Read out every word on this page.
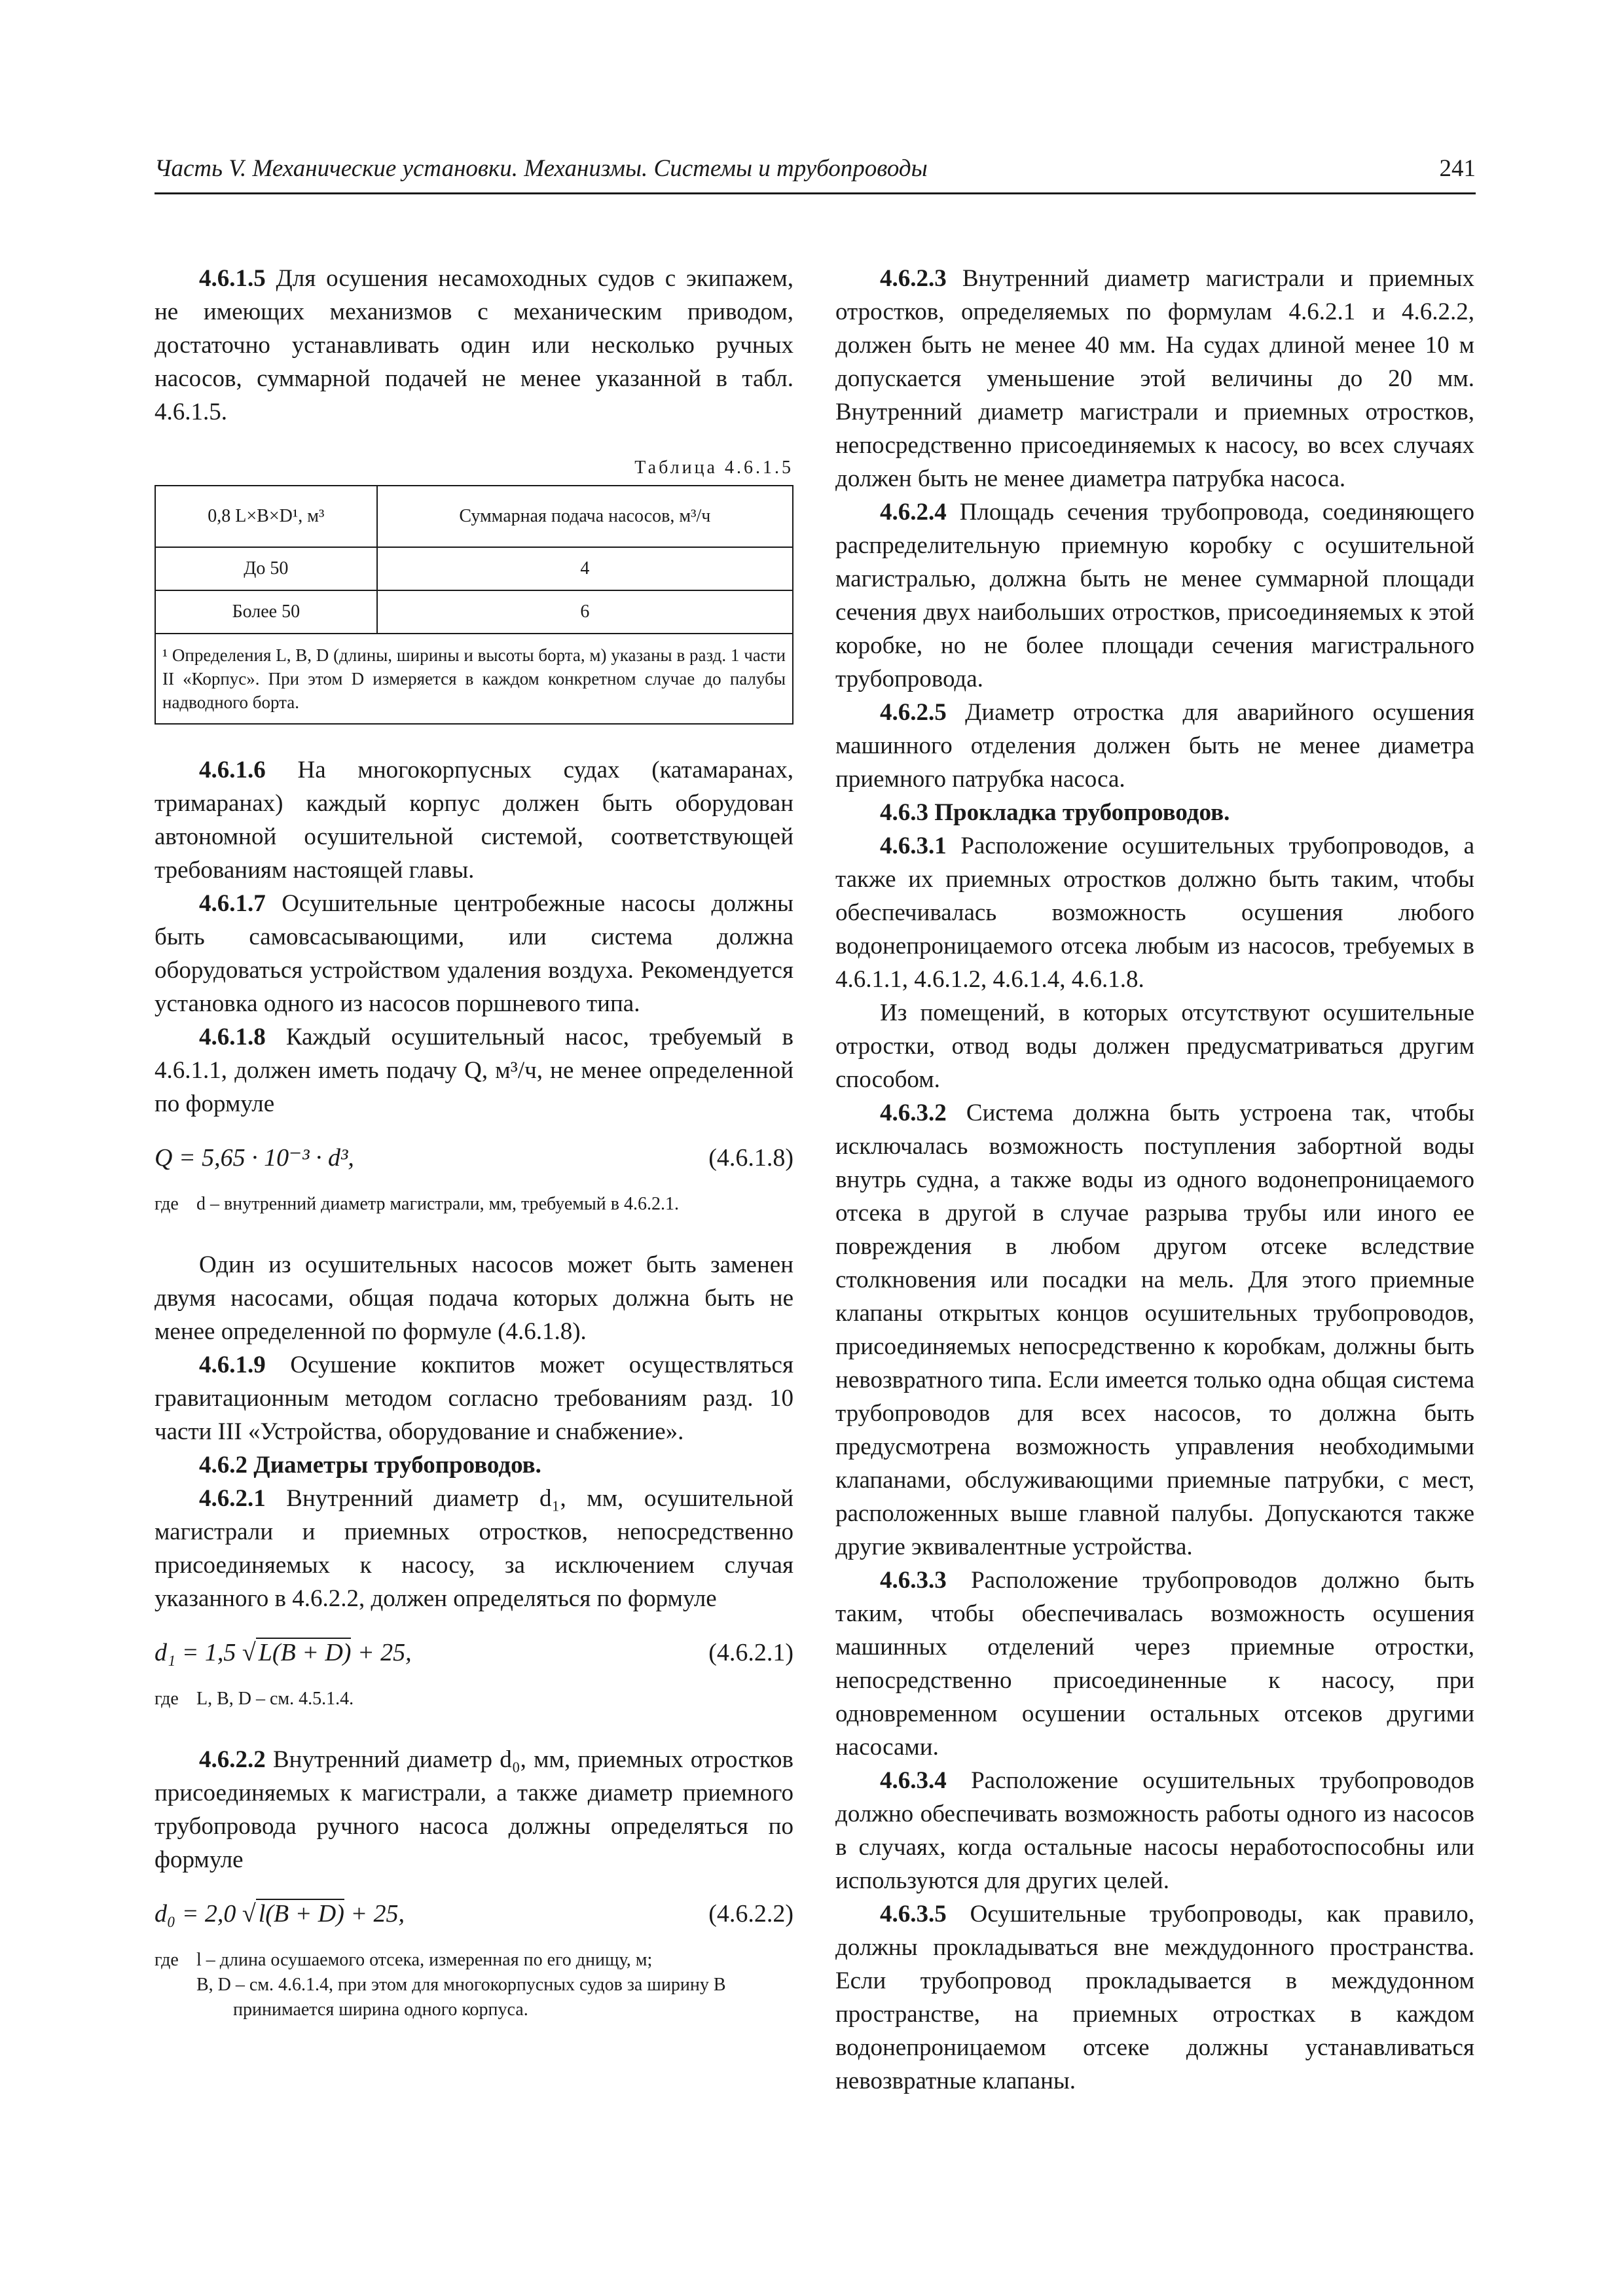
Часть V. Механические установки. Механизмы. Системы и трубопроводы	241

4.6.1.5 Для осушения несамоходных судов с экипажем, не имеющих механизмов с механическим приводом, достаточно устанавливать один или несколько ручных насосов, суммарной подачей не менее указанной в табл. 4.6.1.5.

Таблица 4.6.1.5
0,8 L×B×D¹, м³	Суммарная подача насосов, м³/ч
До 50	4
Более 50	6
¹ Определения L, B, D (длины, ширины и высоты борта, м) указаны в разд. 1 части II «Корпус». При этом D измеряется в каждом конкретном случае до палубы надводного борта.	

4.6.1.6 На многокорпусных судах (катамаранах, тримаранах) каждый корпус должен быть оборудован автономной осушительной системой, соответствующей требованиям настоящей главы.

4.6.1.7 Осушительные центробежные насосы должны быть самовсасывающими, или система должна оборудоваться устройством удаления воздуха. Рекомендуется установка одного из насосов поршневого типа.

4.6.1.8 Каждый осушительный насос, требуемый в 4.6.1.1, должен иметь подачу Q, м³/ч, не менее определенной по формуле

Q = 5,65 · 10⁻³ · d³,	(4.6.1.8)
где d – внутренний диаметр магистрали, мм, требуемый в 4.6.2.1.

Один из осушительных насосов может быть заменен двумя насосами, общая подача которых должна быть не менее определенной по формуле (4.6.1.8).

4.6.1.9 Осушение кокпитов может осуществляться гравитационным методом согласно требованиям разд. 10 части III «Устройства, оборудование и снабжение».

4.6.2 Диаметры трубопроводов.

4.6.2.1 Внутренний диаметр d₁, мм, осушительной магистрали и приемных отростков, непосредственно присоединяемых к насосу, за исключением случая указанного в 4.6.2.2, должен определяться по формуле

d₁ = 1,5 √ L(B + D) + 25,	(4.6.2.1)
где L, B, D – см. 4.5.1.4.

4.6.2.2 Внутренний диаметр d₀, мм, приемных отростков присоединяемых к магистрали, а также диаметр приемного трубопровода ручного насоса должны определяться по формуле

d₀ = 2,0 √ l(B + D) + 25,	(4.6.2.2)
где l – длина осушаемого отсека, измеренная по его днищу, м;
B, D – см. 4.6.1.4, при этом для многокорпусных судов за ширину B
принимается ширина одного корпуса.

4.6.2.3 Внутренний диаметр магистрали и приемных отростков, определяемых по формулам 4.6.2.1 и 4.6.2.2, должен быть не менее 40 мм. На судах длиной менее 10 м допускается уменьшение этой величины до 20 мм. Внутренний диаметр магистрали и приемных отростков, непосредственно присоединяемых к насосу, во всех случаях должен быть не менее диаметра патрубка насоса.

4.6.2.4 Площадь сечения трубопровода, соединяющего распределительную приемную коробку с осушительной магистралью, должна быть не менее суммарной площади сечения двух наибольших отростков, присоединяемых к этой коробке, но не более площади сечения магистрального трубопровода.

4.6.2.5 Диаметр отростка для аварийного осушения машинного отделения должен быть не менее диаметра приемного патрубка насоса.

4.6.3 Прокладка трубопроводов.

4.6.3.1 Расположение осушительных трубопроводов, а также их приемных отростков должно быть таким, чтобы обеспечивалась возможность осушения любого водонепроницаемого отсека любым из насосов, требуемых в 4.6.1.1, 4.6.1.2, 4.6.1.4, 4.6.1.8.

Из помещений, в которых отсутствуют осушительные отростки, отвод воды должен предусматриваться другим способом.

4.6.3.2 Система должна быть устроена так, чтобы исключалась возможность поступления забортной воды внутрь судна, а также воды из одного водонепроницаемого отсека в другой в случае разрыва трубы или иного ее повреждения в любом другом отсеке вследствие столкновения или посадки на мель. Для этого приемные клапаны открытых концов осушительных трубопроводов, присоединяемых непосредственно к коробкам, должны быть невозвратного типа. Если имеется только одна общая система трубопроводов для всех насосов, то должна быть предусмотрена возможность управления необходимыми клапанами, обслуживающими приемные патрубки, с мест, расположенных выше главной палубы. Допускаются также другие эквивалентные устройства.

4.6.3.3 Расположение трубопроводов должно быть таким, чтобы обеспечивалась возможность осушения машинных отделений через приемные отростки, непосредственно присоединенные к насосу, при одновременном осушении остальных отсеков другими насосами.

4.6.3.4 Расположение осушительных трубопроводов должно обеспечивать возможность работы одного из насосов в случаях, когда остальные насосы неработоспособны или используются для других целей.

4.6.3.5 Осушительные трубопроводы, как правило, должны прокладываться вне междудонного пространства. Если трубопровод прокладывается в междудонном пространстве, на приемных отростках в каждом водонепроницаемом отсеке должны устанавливаться невозвратные клапаны.
